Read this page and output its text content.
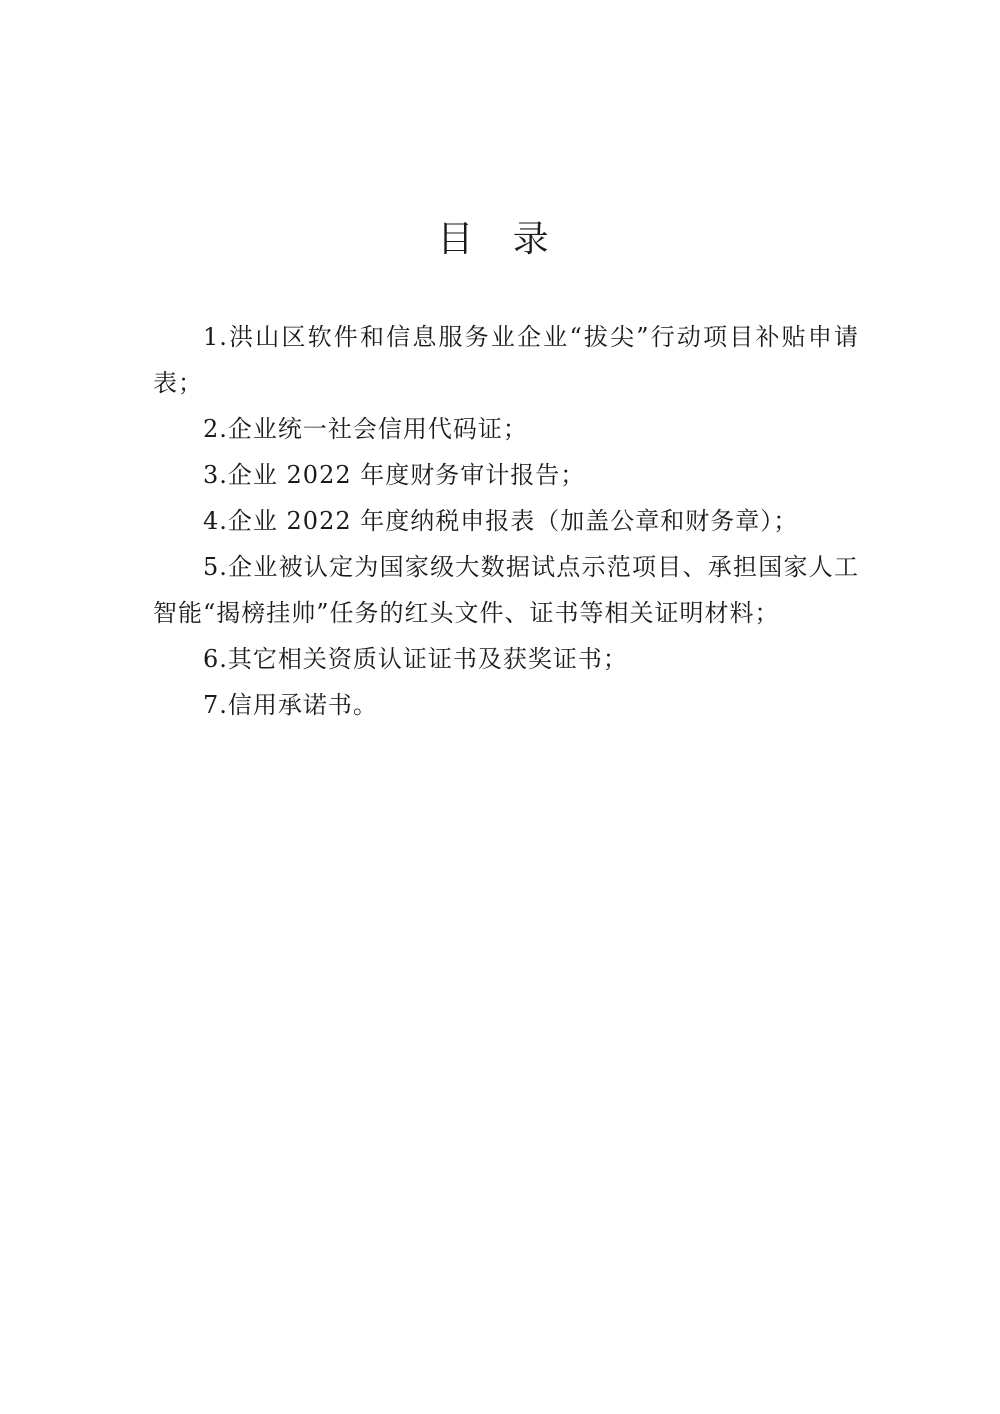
目 录

1.洪山区软件和信息服务业企业“拔尖”行动项目补贴申请表；

2.企业统一社会信用代码证；

3.企业 2022 年度财务审计报告；

4.企业 2022 年度纳税申报表（加盖公章和财务章）；

5.企业被认定为国家级大数据试点示范项目、承担国家人工智能“揭榜挂帅”任务的红头文件、证书等相关证明材料；

6.其它相关资质认证证书及获奖证书；

7.信用承诺书。
